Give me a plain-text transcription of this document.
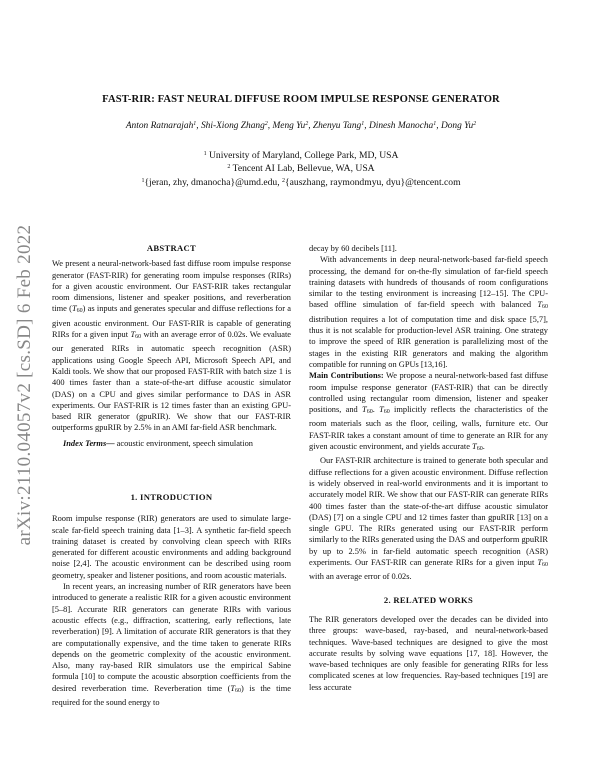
arXiv:2110.04057v2 [cs.SD] 6 Feb 2022
FAST-RIR: FAST NEURAL DIFFUSE ROOM IMPULSE RESPONSE GENERATOR
Anton Ratnarajah$^1$, Shi-Xiong Zhang$^2$, Meng Yu$^2$, Zhenyu Tang$^1$, Dinesh Manocha$^1$, Dong Yu$^2$
$^1$ University of Maryland, College Park, MD, USA
$^2$ Tencent AI Lab, Bellevue, WA, USA
$^1${jeran, zhy, dmanocha}@umd.edu, $^2${auszhang, raymondmyu, dyu}@tencent.com

ABSTRACT

We present a neural-network-based fast diffuse room impulse response generator (FAST-RIR) for generating room impulse responses (RIRs) for a given acoustic environment. Our FAST-RIR takes rectangular room dimensions, listener and speaker positions, and reverberation time (T60) as inputs and generates specular and diffuse reflections for a given acoustic environment. Our FAST-RIR is capable of generating RIRs for a given input T60 with an average error of 0.02s. We evaluate our generated RIRs in automatic speech recognition (ASR) applications using Google Speech API, Microsoft Speech API, and Kaldi tools. We show that our proposed FAST-RIR with batch size 1 is 400 times faster than a state-of-the-art diffuse acoustic simulator (DAS) on a CPU and gives similar performance to DAS in ASR experiments. Our FAST-RIR is 12 times faster than an existing GPU-based RIR generator (gpuRIR). We show that our FAST-RIR outperforms gpuRIR by 2.5% in an AMI far-field ASR benchmark.

Index Terms— acoustic environment, speech simulation

1. INTRODUCTION

Room impulse response (RIR) generators are used to simulate large-scale far-field speech training data [1–3]. A synthetic far-field speech training dataset is created by convolving clean speech with RIRs generated for different acoustic environments and adding background noise [2,4]. The acoustic environment can be described using room geometry, speaker and listener positions, and room acoustic materials.

In recent years, an increasing number of RIR generators have been introduced to generate a realistic RIR for a given acoustic environment [5–8]. Accurate RIR generators can generate RIRs with various acoustic effects (e.g., diffraction, scattering, early reflections, late reverberation) [9]. A limitation of accurate RIR generators is that they are computationally expensive, and the time taken to generate RIRs depends on the geometric complexity of the acoustic environment. Also, many ray-based RIR simulators use the empirical Sabine formula [10] to compute the acoustic absorption coefficients from the desired reverberation time. Reverberation time (T60) is the time required for the sound energy to

decay by 60 decibels [11].

With advancements in deep neural-network-based far-field speech processing, the demand for on-the-fly simulation of far-field speech training datasets with hundreds of thousands of room configurations similar to the testing environment is increasing [12–15]. The CPU-based offline simulation of far-field speech with balanced T60 distribution requires a lot of computation time and disk space [5,7], thus it is not scalable for production-level ASR training. One strategy to improve the speed of RIR generation is parallelizing most of the stages in the existing RIR generators and making the algorithm compatible for running on GPUs [13,16].

Main Contributions: We propose a neural-network-based fast diffuse room impulse response generator (FAST-RIR) that can be directly controlled using rectangular room dimension, listener and speaker positions, and T60. T60 implicitly reflects the characteristics of the room materials such as the floor, ceiling, walls, furniture etc. Our FAST-RIR takes a constant amount of time to generate an RIR for any given acoustic environment, and yields accurate T60.

Our FAST-RIR architecture is trained to generate both specular and diffuse reflections for a given acoustic environment. Diffuse reflection is widely observed in real-world environments and it is important to accurately model RIR. We show that our FAST-RIR can generate RIRs 400 times faster than the state-of-the-art diffuse acoustic simulator (DAS) [7] on a single CPU and 12 times faster than gpuRIR [13] on a single GPU. The RIRs generated using our FAST-RIR perform similarly to the RIRs generated using the DAS and outperform gpuRIR by up to 2.5% in far-field automatic speech recognition (ASR) experiments. Our FAST-RIR can generate RIRs for a given input T60 with an average error of 0.02s.

2. RELATED WORKS

The RIR generators developed over the decades can be divided into three groups: wave-based, ray-based, and neural-network-based techniques. Wave-based techniques are designed to give the most accurate results by solving wave equations [17, 18]. However, the wave-based techniques are only feasible for generating RIRs for less complicated scenes at low frequencies. Ray-based techniques [19] are less accurate
